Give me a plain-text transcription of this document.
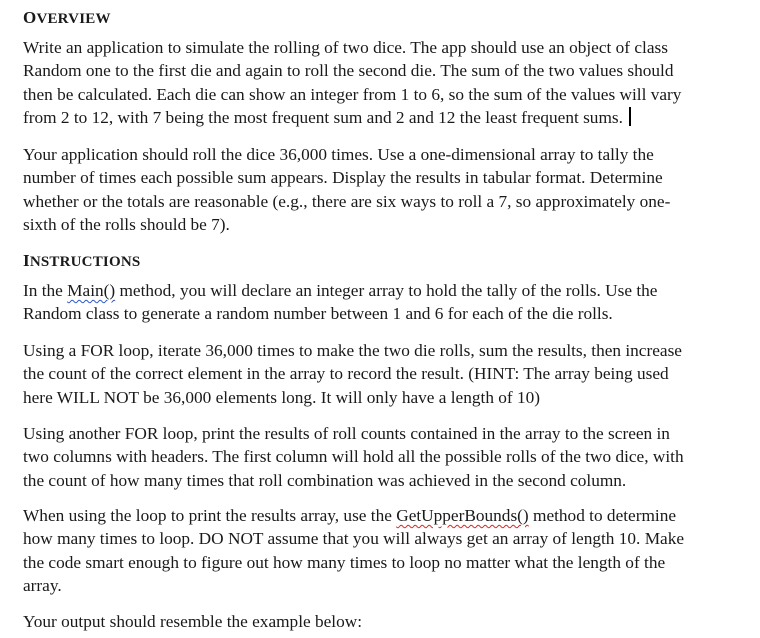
OVERVIEW

Write an application to simulate the rolling of two dice. The app should use an object of class
Random one to the first die and again to roll the second die. The sum of the two values should
then be calculated. Each die can show an integer from 1 to 6, so the sum of the values will vary
from 2 to 12, with 7 being the most frequent sum and 2 and 12 the least frequent sums.

Your application should roll the dice 36,000 times. Use a one-dimensional array to tally the
number of times each possible sum appears. Display the results in tabular format. Determine
whether or the totals are reasonable (e.g., there are six ways to roll a 7, so approximately one-
sixth of the rolls should be 7).

INSTRUCTIONS

In the Main() method, you will declare an integer array to hold the tally of the rolls. Use the
Random class to generate a random number between 1 and 6 for each of the die rolls.

Using a FOR loop, iterate 36,000 times to make the two die rolls, sum the results, then increase
the count of the correct element in the array to record the result. (HINT: The array being used
here WILL NOT be 36,000 elements long. It will only have a length of 10)

Using another FOR loop, print the results of roll counts contained in the array to the screen in
two columns with headers. The first column will hold all the possible rolls of the two dice, with
the count of how many times that roll combination was achieved in the second column.

When using the loop to print the results array, use the GetUpperBounds() method to determine
how many times to loop. DO NOT assume that you will always get an array of length 10. Make
the code smart enough to figure out how many times to loop no matter what the length of the
array.

Your output should resemble the example below:
